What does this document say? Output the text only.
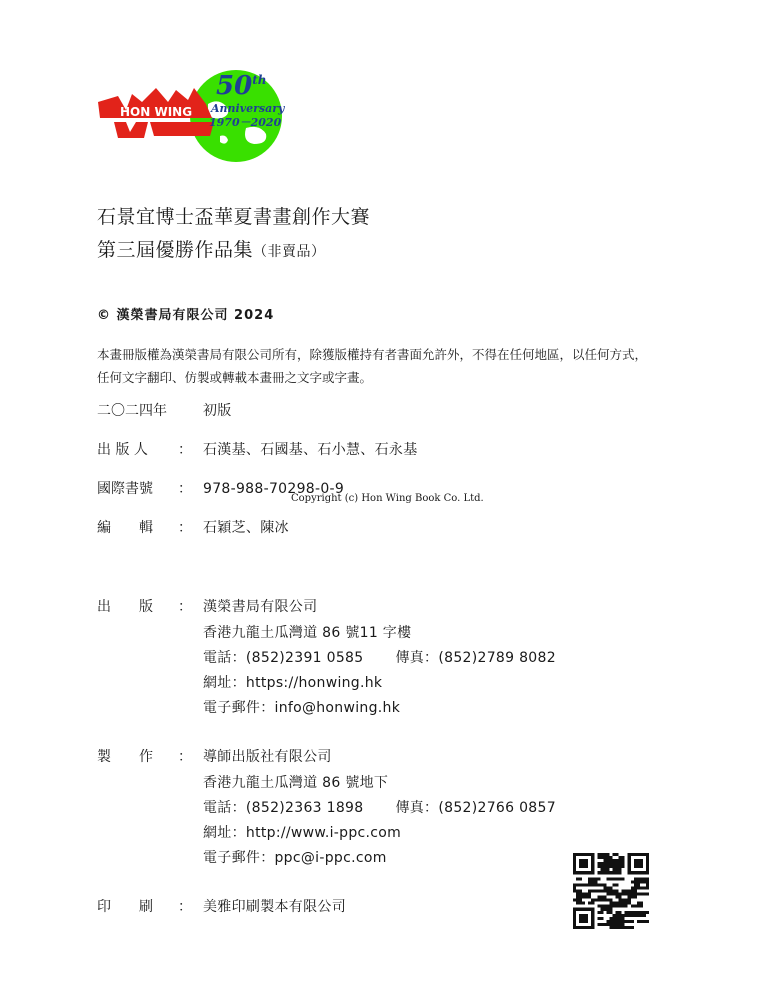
HON WING
50th
Anniversary
1970－2020
石景宜博士盃華夏書畫創作大賽
第三屆優勝作品集（非賣品）
© 漢榮書局有限公司 2024
本畫冊版權為漢榮書局有限公司所有，除獲版權持有者書面允許外，不得在任何地區，以任何方式，任何文字翻印、仿製或轉載本畫冊之文字或字畫。
二〇二四年	初版
出 版 人 ： 石漢基、石國基、石小慧、石永基
國際書號 ： 978-988-70298-0-9
Copyright (c) Hon Wing Book Co. Ltd.
編　　輯 ： 石穎芝、陳冰
出　　版 ： 漢榮書局有限公司
香港九龍土瓜灣道 86 號11 字樓
電話：(852)2391 0585 傳真：(852)2789 8082
網址：https://honwing.hk
電子郵件：info@honwing.hk
製　　作 ： 導師出版社有限公司
香港九龍土瓜灣道 86 號地下
電話：(852)2363 1898 傳真：(852)2766 0857
網址：http://www.i-ppc.com
電子郵件：ppc@i-ppc.com
印　　刷 ： 美雅印刷製本有限公司
